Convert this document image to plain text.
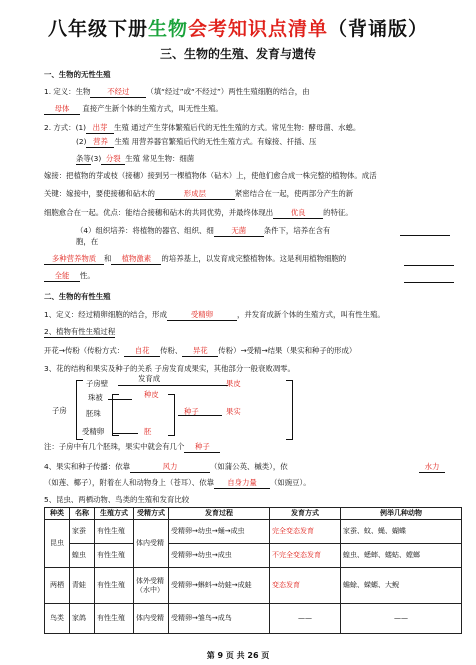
八年级下册生物会考知识点清单（背诵版）
三、生物的生殖、发育与遗传
一、生物的无性生殖
1. 定义：生物 不经过 （填“经过”或“不经过”）两性生殖细胞的结合，由
母体 直接产生新个体的生殖方式，叫无性生殖。
2. 方式：(1) 出芽 生殖 通过产生芽体繁殖后代的无性生殖的方式。常见生物：酵母菌、水螅。
(2) 营养 生殖 用营养器官繁殖后代的无性生殖方式。有嫁接、扦插、压
条等(3) 分裂 生殖 常见生物：细菌
嫁接：把植物的芽或枝（接穗）接到另一棵植物体（砧木）上，使他们愈合成一株完整的植物体。成活
关键：嫁接中，要使接穗和砧木的	形成层	紧密结合在一起，使两部分产生的新
细胞愈合在一起。优点：能结合接穗和砧木的共同优势，并最终体现出 优良 的特征。
（4）组织培养：将植物的器官、组织、细 无菌 条件下，培养在含有
胞，在
多种营养物质 和 植物激素 的培养基上，以发育成完整植物体。这是利用植物细胞的
全能 性。
二、生物的有性生殖
1、定义：经过精卵细胞的结合，形成	受精卵	，并发育成新个体的生殖方式，叫有性生殖。
2、植物有性生殖过程
开花→传粉（传粉方式： 自花 传粉、 异花 传粉）→受精→结果（果实和种子的形成）
3、花的结构和果实及种子的关系 子房发育成果实，其他部分一般衰败凋零。
子房
子房壁
发育成
果皮
珠被	种皮
胚珠	种子	果实
受精卵	胚
注：子房中有几个胚珠，果实中就会有几个 种子
4、果实和种子传播：依靠	风力	（如蒲公英、槭类），依	水力
（如莲、椰子），附着在人和动物身上（苍耳）、依靠 自身力量 （如豌豆）。
5、昆虫、两栖动物、鸟类的生殖和发育比较
种类	名称	生殖方式	受精方式	发育过程	发育方式	例举几种动物
昆虫	家蚕	有性生殖	体内受精	受精卵→幼虫→蛹→成虫	完全变态发育	家蚕、蚊、蝇、蝴蝶
	蝗虫	有性生殖		受精卵→幼虫→成虫	不完全变态发育	蝗虫、蟋蟀、蝼蛄、螳螂
两栖	青蛙	有性生殖	体外受精（水中）	受精卵→蝌蚪→幼蛙→成蛙	变态发育	蟾蜍、蝾螈、大鲵
鸟类	家鸽	有性生殖	体内受精	受精卵→雏鸟→成鸟	——	——
第 9 页 共 26 页
